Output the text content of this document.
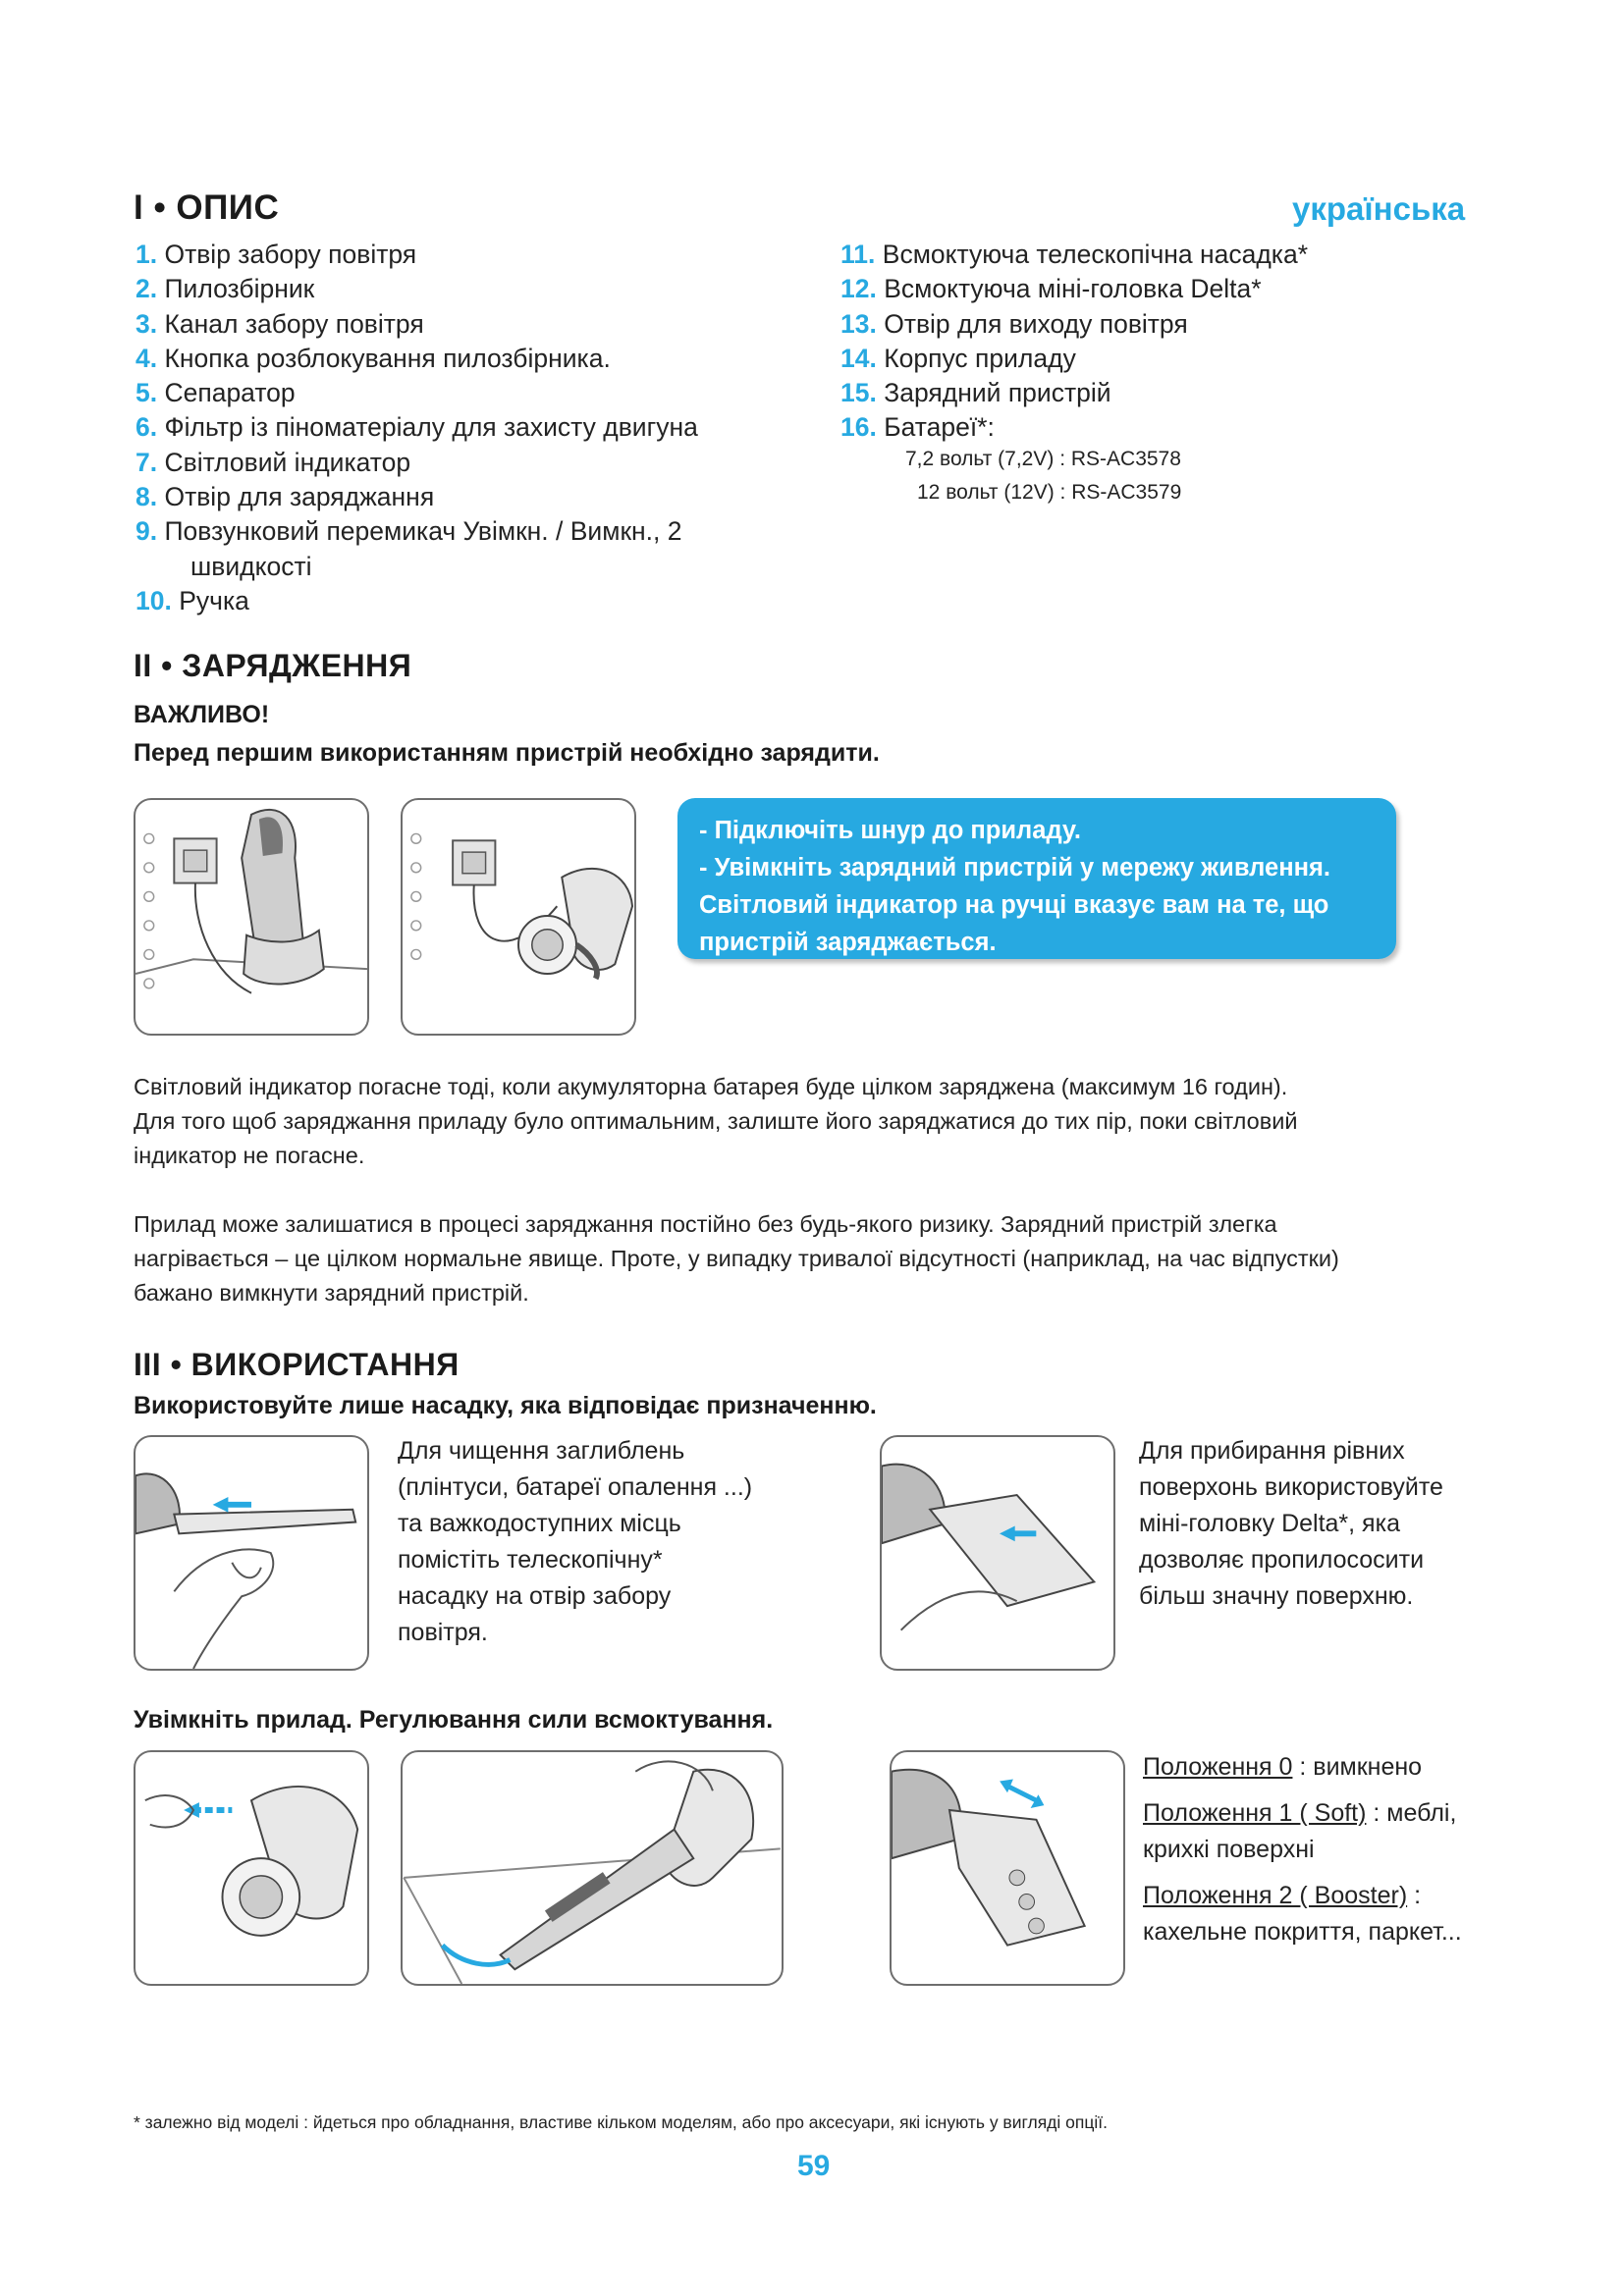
I • ОПИС	українська
1. Отвір забору повітря
2. Пилозбірник
3. Канал забору повітря
4. Кнопка розблокування пилозбірника.
5. Сепаратор
6. Фільтр із піноматеріалу для захисту двигуна
7. Світловий індикатор
8. Отвір для заряджання
9. Повзунковий перемикач Увімкн. / Вимкн., 2
швидкості
10. Ручка
11. Всмоктуюча телескопічна насадка*
12. Всмоктуюча міні-головка Delta*
13. Отвір для виходу повітря
14. Корпус приладу
15. Зарядний пристрій
16. Батареї*:
7,2 вольт (7,2V) : RS-AC3578
12 вольт (12V) : RS-AC3579
II • ЗАРЯДЖЕННЯ
ВАЖЛИВО!
Перед першим використанням пристрій необхідно зарядити.
- Підключіть шнур до приладу.
- Увімкніть зарядний пристрій у мережу живлення.
Світловий індикатор на ручці вказує вам на те, що
пристрій заряджається.
Світловий індикатор погасне тоді, коли акумуляторна батарея буде цілком заряджена (максимум 16 годин).
Для того щоб заряджання приладу було оптимальним, залиште його заряджатися до тих пір, поки світловий
індикатор не погасне.
Прилад може залишатися в процесі заряджання постійно без будь-якого ризику. Зарядний пристрій злегка
нагрівається – це цілком нормальне явище. Проте, у випадку тривалої відсутності (наприклад, на час відпустки)
бажано вимкнути зарядний пристрій.
III • ВИКОРИСТАННЯ
Використовуйте лише насадку, яка відповідає призначенню.
Для чищення заглиблень
(плінтуси, батареї опалення ...)
та важкодоступних місць
помістіть телескопічну*
насадку на отвір забору
повітря.
Для прибирання рівних
поверхонь використовуйте
міні-головку Delta*, яка
дозволяє пропилососити
більш значну поверхню.
Увімкніть прилад. Регулювання сили всмоктування.

Положення 0 : вимкнено

Положення 1 ( Soft) : меблі,
крихкі поверхні

Положення 2 ( Booster) :
кахельне покриття, паркет...

* залежно від моделі : йдеться про обладнання, властиве кільком моделям, або про аксесуари, які існують у вигляді опції.
59
